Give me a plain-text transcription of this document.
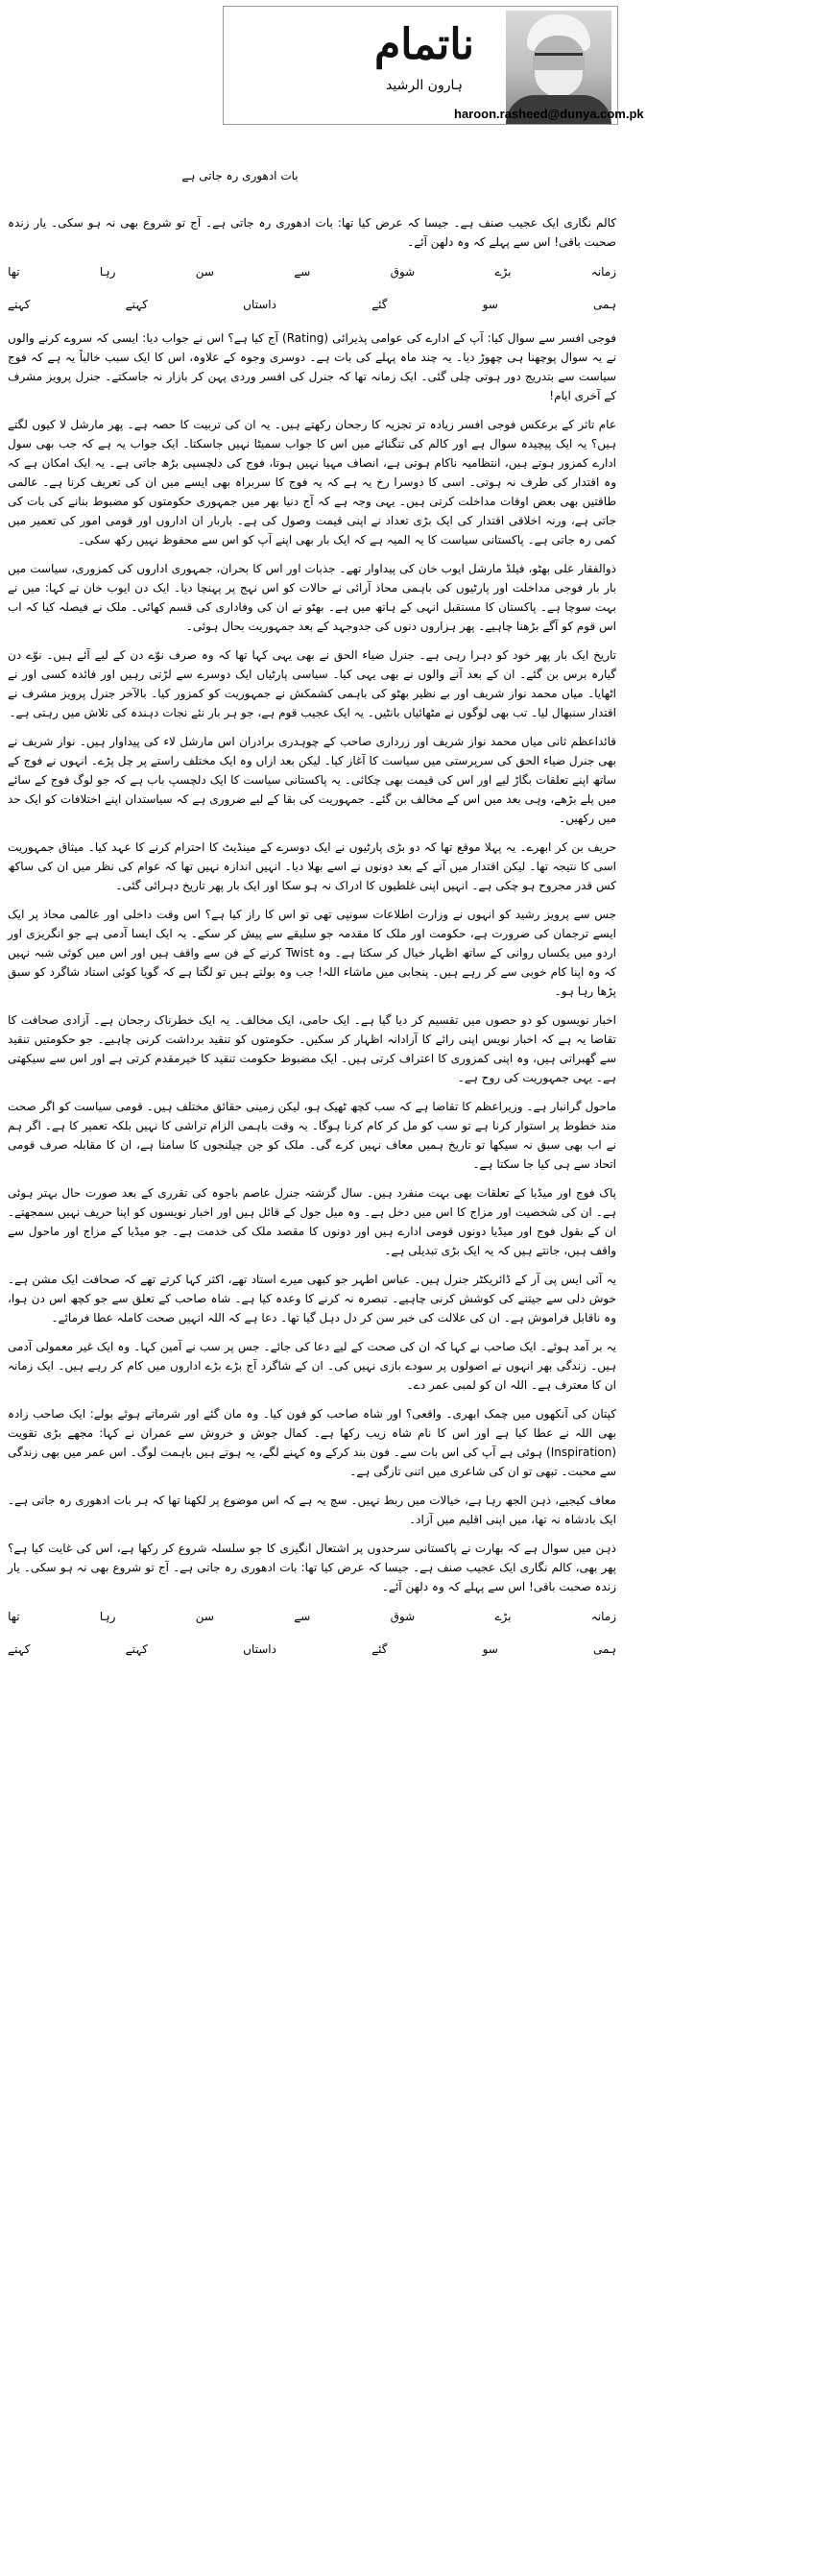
ناتمام
ہارون الرشید
haroon.rasheed@dunya.com.pk
بات ادھوری رہ جاتی ہے

کالم نگاری ایک عجیب صنف ہے۔ جیسا کہ عرض کیا تھا: بات ادھوری رہ جاتی ہے۔ آج تو شروع بھی نہ ہو سکی۔ یار زندہ صحبت باقی! اس سے پہلے کہ وہ دلھن آئے۔

زمانہ
بڑے
شوق
سے
سن
رہا
تھا
ہمی
سو
گئے
داستاں
کہتے
کہتے

فوجی افسر سے سوال کیا: آپ کے ادارے کی عوامی پذیرائی (Rating) آج کیا ہے؟ اس نے جواب دیا: ایسی کہ سروے کرنے والوں نے یہ سوال پوچھنا ہی چھوڑ دیا۔ یہ چند ماہ پہلے کی بات ہے۔ دوسری وجوہ کے علاوہ، اس کا ایک سبب خالباً یہ ہے کہ فوج سیاست سے بتدریج دور ہوتی چلی گئی۔ ایک زمانہ تھا کہ جنرل کی افسر وردی پہن کر بازار نہ جاسکتے۔ جنرل پرویز مشرف کے آخری ایام!

عام تاثر کے برعکس فوجی افسر زیادہ تر تجزیہ کا رجحان رکھتے ہیں۔ یہ ان کی تربیت کا حصہ ہے۔ پھر مارشل لا کیوں لگتے ہیں؟ یہ ایک پیچیدہ سوال ہے اور کالم کی تنگنائے میں اس کا جواب سمیٹا نہیں جاسکتا۔ ایک جواب یہ ہے کہ جب بھی سول ادارے کمزور ہوتے ہیں، انتظامیہ ناکام ہوتی ہے، انصاف مہیا نہیں ہوتا، فوج کی دلچسپی بڑھ جاتی ہے۔ یہ ایک امکان ہے کہ وہ اقتدار کی طرف نہ ہوتی۔ اسی کا دوسرا رخ یہ ہے کہ یہ فوج کا سربراہ بھی ایسے میں ان کی تعریف کرنا ہے۔ عالمی طاقتیں بھی بعض اوقات مداخلت کرتی ہیں۔ یہی وجہ ہے کہ آج دنیا بھر میں جمہوری حکومتوں کو مضبوط بنانے کی بات کی جاتی ہے، ورنہ اخلاقی اقتدار کی ایک بڑی تعداد نے اپنی قیمت وصول کی ہے۔ باربار ان اداروں اور قومی امور کی تعمیر میں کمی رہ جاتی ہے۔ پاکستانی سیاست کا یہ المیہ ہے کہ ایک بار بھی اپنے آپ کو اس سے محفوظ نہیں رکھ سکی۔

ذوالفقار علی بھٹو، فیلڈ مارشل ایوب خان کی پیداوار تھے۔ جذبات اور اس کا بحران، جمہوری اداروں کی کمزوری، سیاست میں بار بار فوجی مداخلت اور پارٹیوں کی باہمی محاذ آرائی نے حالات کو اس نہج پر پہنچا دیا۔ ایک دن ایوب خان نے کہا: میں نے بہت سوچا ہے۔ پاکستان کا مستقبل انہی کے ہاتھ میں ہے۔ بھٹو نے ان کی وفاداری کی قسم کھائی۔ ملک نے فیصلہ کیا کہ اب اس قوم کو آگے بڑھنا چاہیے۔ پھر ہزاروں دنوں کی جدوجہد کے بعد جمہوریت بحال ہوئی۔

تاریخ ایک بار پھر خود کو دہرا رہی ہے۔ جنرل ضیاء الحق نے بھی یہی کہا تھا کہ وہ صرف نوّے دن کے لیے آئے ہیں۔ نوّے دن گیارہ برس بن گئے۔ ان کے بعد آنے والوں نے بھی یہی کیا۔ سیاسی پارٹیاں ایک دوسرے سے لڑتی رہیں اور فائدہ کسی اور نے اٹھایا۔ میاں محمد نواز شریف اور بے نظیر بھٹو کی باہمی کشمکش نے جمہوریت کو کمزور کیا۔ بالآخر جنرل پرویز مشرف نے اقتدار سنبھال لیا۔ تب بھی لوگوں نے مٹھائیاں بانٹیں۔ یہ ایک عجیب قوم ہے، جو ہر بار نئے نجات دہندہ کی تلاش میں رہتی ہے۔

قائداعظم ثانی میاں محمد نواز شریف اور زرداری صاحب کے چوہدری برادران اس مارشل لاء کی پیداوار ہیں۔ نواز شریف نے بھی جنرل ضیاء الحق کی سرپرستی میں سیاست کا آغاز کیا۔ لیکن بعد ازاں وہ ایک مختلف راستے پر چل پڑے۔ انہوں نے فوج کے ساتھ اپنے تعلقات بگاڑ لیے اور اس کی قیمت بھی چکائی۔ یہ پاکستانی سیاست کا ایک دلچسپ باب ہے کہ جو لوگ فوج کے سائے میں پلے بڑھے، وہی بعد میں اس کے مخالف بن گئے۔ جمہوریت کی بقا کے لیے ضروری ہے کہ سیاستدان اپنے اختلافات کو ایک حد میں رکھیں۔

حریف بن کر ابھرے۔ یہ پہلا موقع تھا کہ دو بڑی پارٹیوں نے ایک دوسرے کے مینڈیٹ کا احترام کرنے کا عہد کیا۔ میثاق جمہوریت اسی کا نتیجہ تھا۔ لیکن اقتدار میں آنے کے بعد دونوں نے اسے بھلا دیا۔ انہیں اندازہ نہیں تھا کہ عوام کی نظر میں ان کی ساکھ کس قدر مجروح ہو چکی ہے۔ انہیں اپنی غلطیوں کا ادراک نہ ہو سکا اور ایک بار پھر تاریخ دہرائی گئی۔

جس سے پرویز رشید کو انہوں نے وزارت اطلاعات سونپی تھی تو اس کا راز کیا ہے؟ اس وقت داخلی اور عالمی محاذ پر ایک ایسے ترجمان کی ضرورت ہے، حکومت اور ملک کا مقدمہ جو سلیقے سے پیش کر سکے۔ یہ ایک ایسا آدمی ہے جو انگریزی اور اردو میں یکساں روانی کے ساتھ اظہار خیال کر سکتا ہے۔ وہ Twist کرنے کے فن سے واقف ہیں اور اس میں کوئی شبہ نہیں کہ وہ اپنا کام خوبی سے کر رہے ہیں۔ پنجابی میں ماشاء اللہ! جب وہ بولتے ہیں تو لگتا ہے کہ گویا کوئی استاد شاگرد کو سبق پڑھا رہا ہو۔

اخبار نویسوں کو دو حصوں میں تقسیم کر دیا گیا ہے۔ ایک حامی، ایک مخالف۔ یہ ایک خطرناک رجحان ہے۔ آزادی صحافت کا تقاضا یہ ہے کہ اخبار نویس اپنی رائے کا آزادانہ اظہار کر سکیں۔ حکومتوں کو تنقید برداشت کرنی چاہیے۔ جو حکومتیں تنقید سے گھبراتی ہیں، وہ اپنی کمزوری کا اعتراف کرتی ہیں۔ ایک مضبوط حکومت تنقید کا خیرمقدم کرتی ہے اور اس سے سیکھتی ہے۔ یہی جمہوریت کی روح ہے۔

ماحول گرانبار ہے۔ وزیراعظم کا تقاضا ہے کہ سب کچھ ٹھیک ہو، لیکن زمینی حقائق مختلف ہیں۔ قومی سیاست کو اگر صحت مند خطوط پر استوار کرنا ہے تو سب کو مل کر کام کرنا ہوگا۔ یہ وقت باہمی الزام تراشی کا نہیں بلکہ تعمیر کا ہے۔ اگر ہم نے اب بھی سبق نہ سیکھا تو تاریخ ہمیں معاف نہیں کرے گی۔ ملک کو جن چیلنجوں کا سامنا ہے، ان کا مقابلہ صرف قومی اتحاد سے ہی کیا جا سکتا ہے۔

پاک فوج اور میڈیا کے تعلقات بھی بہت منفرد ہیں۔ سال گزشتہ جنرل عاصم باجوہ کی تقرری کے بعد صورت حال بہتر ہوئی ہے۔ ان کی شخصیت اور مزاج کا اس میں دخل ہے۔ وہ میل جول کے قائل ہیں اور اخبار نویسوں کو اپنا حریف نہیں سمجھتے۔ ان کے بقول فوج اور میڈیا دونوں قومی ادارے ہیں اور دونوں کا مقصد ملک کی خدمت ہے۔ جو میڈیا کے مزاج اور ماحول سے واقف ہیں، جانتے ہیں کہ یہ ایک بڑی تبدیلی ہے۔

یہ آئی ایس پی آر کے ڈائریکٹر جنرل ہیں۔ عباس اطہر جو کبھی میرے استاد تھے، اکثر کہا کرتے تھے کہ صحافت ایک مشن ہے۔ خوش دلی سے جیتنے کی کوشش کرنی چاہیے۔ تبصرہ نہ کرنے کا وعدہ کیا ہے۔ شاہ صاحب کے تعلق سے جو کچھ اس دن ہوا، وہ ناقابل فراموش ہے۔ ان کی علالت کی خبر سن کر دل دہل گیا تھا۔ دعا ہے کہ اللہ انہیں صحت کاملہ عطا فرمائے۔

یہ بر آمد ہوئے۔ ایک صاحب نے کہا کہ ان کی صحت کے لیے دعا کی جائے۔ جس پر سب نے آمین کہا۔ وہ ایک غیر معمولی آدمی ہیں۔ زندگی بھر انہوں نے اصولوں پر سودے بازی نہیں کی۔ ان کے شاگرد آج بڑے بڑے اداروں میں کام کر رہے ہیں۔ ایک زمانہ ان کا معترف ہے۔ اللہ ان کو لمبی عمر دے۔

کپتان کی آنکھوں میں چمک ابھری۔ واقعی؟ اور شاہ صاحب کو فون کیا۔ وہ مان گئے اور شرماتے ہوئے بولے: ایک صاحب زادہ بھی اللہ نے عطا کیا ہے اور اس کا نام شاہ زیب رکھا ہے۔ کمال جوش و خروش سے عمران نے کہا: مجھے بڑی تقویت (Inspiration) ہوئی ہے آپ کی اس بات سے۔ فون بند کرکے وہ کہنے لگے، یہ ہوتے ہیں باہمت لوگ۔ اس عمر میں بھی زندگی سے محبت۔ تبھی تو ان کی شاعری میں اتنی تازگی ہے۔

معاف کیجیے، ذہن الجھ رہا ہے، خیالات میں ربط نہیں۔ سچ یہ ہے کہ اس موضوع پر لکھنا تھا کہ ہر بات ادھوری رہ جاتی ہے۔ ایک بادشاہ نہ تھا، میں اپنی اقلیم میں آزاد۔

ذہن میں سوال ہے کہ بھارت نے پاکستانی سرحدوں پر اشتعال انگیزی کا جو سلسلہ شروع کر رکھا ہے، اس کی غایت کیا ہے؟ پھر بھی، کالم نگاری ایک عجیب صنف ہے۔ جیسا کہ عرض کیا تھا: بات ادھوری رہ جاتی ہے۔ آج تو شروع بھی نہ ہو سکی۔ یار زندہ صحبت باقی! اس سے پہلے کہ وہ دلھن آئے۔

زمانہ
بڑے
شوق
سے
سن
رہا
تھا
ہمی
سو
گئے
داستاں
کہتے
کہتے
